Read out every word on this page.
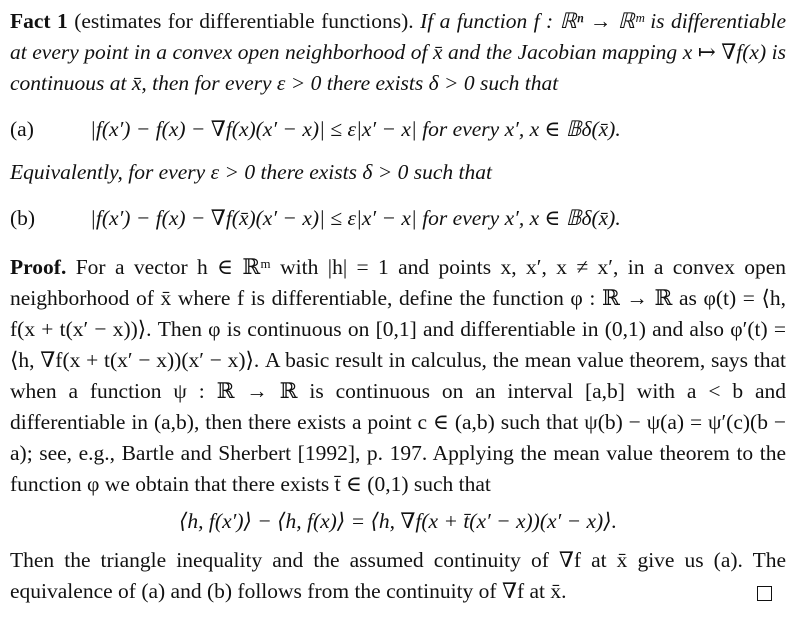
Fact 1 (estimates for differentiable functions). If a function f : ℝⁿ → ℝᵐ is differentiable at every point in a convex open neighborhood of x̄ and the Jacobian mapping x ↦ ∇f(x) is continuous at x̄, then for every ε > 0 there exists δ > 0 such that
(a)	|f(x′) − f(x) − ∇f(x)(x′ − x)| ≤ ε|x′ − x| for every x′, x ∈ 𝔹δ(x̄).
Equivalently, for every ε > 0 there exists δ > 0 such that
(b)	|f(x′) − f(x) − ∇f(x̄)(x′ − x)| ≤ ε|x′ − x| for every x′, x ∈ 𝔹δ(x̄).

Proof. For a vector h ∈ ℝᵐ with |h| = 1 and points x, x′, x ≠ x′, in a convex open neighborhood of x̄ where f is differentiable, define the function φ : ℝ → ℝ as φ(t) = ⟨h, f(x + t(x′ − x))⟩. Then φ is continuous on [0,1] and differentiable in (0,1) and also φ′(t) = ⟨h, ∇f(x + t(x′ − x))(x′ − x)⟩. A basic result in calculus, the mean value theorem, says that when a function ψ : ℝ → ℝ is continuous on an interval [a,b] with a < b and differentiable in (a,b), then there exists a point c ∈ (a,b) such that ψ(b) − ψ(a) = ψ′(c)(b − a); see, e.g., Bartle and Sherbert [1992], p. 197. Applying the mean value theorem to the function φ we obtain that there exists t̄ ∈ (0,1) such that

⟨h, f(x′)⟩ − ⟨h, f(x)⟩ = ⟨h, ∇f(x + t̄(x′ − x))(x′ − x)⟩.
Then the triangle inequality and the assumed continuity of ∇f at x̄ give us (a). The equivalence of (a) and (b) follows from the continuity of ∇f at x̄.
